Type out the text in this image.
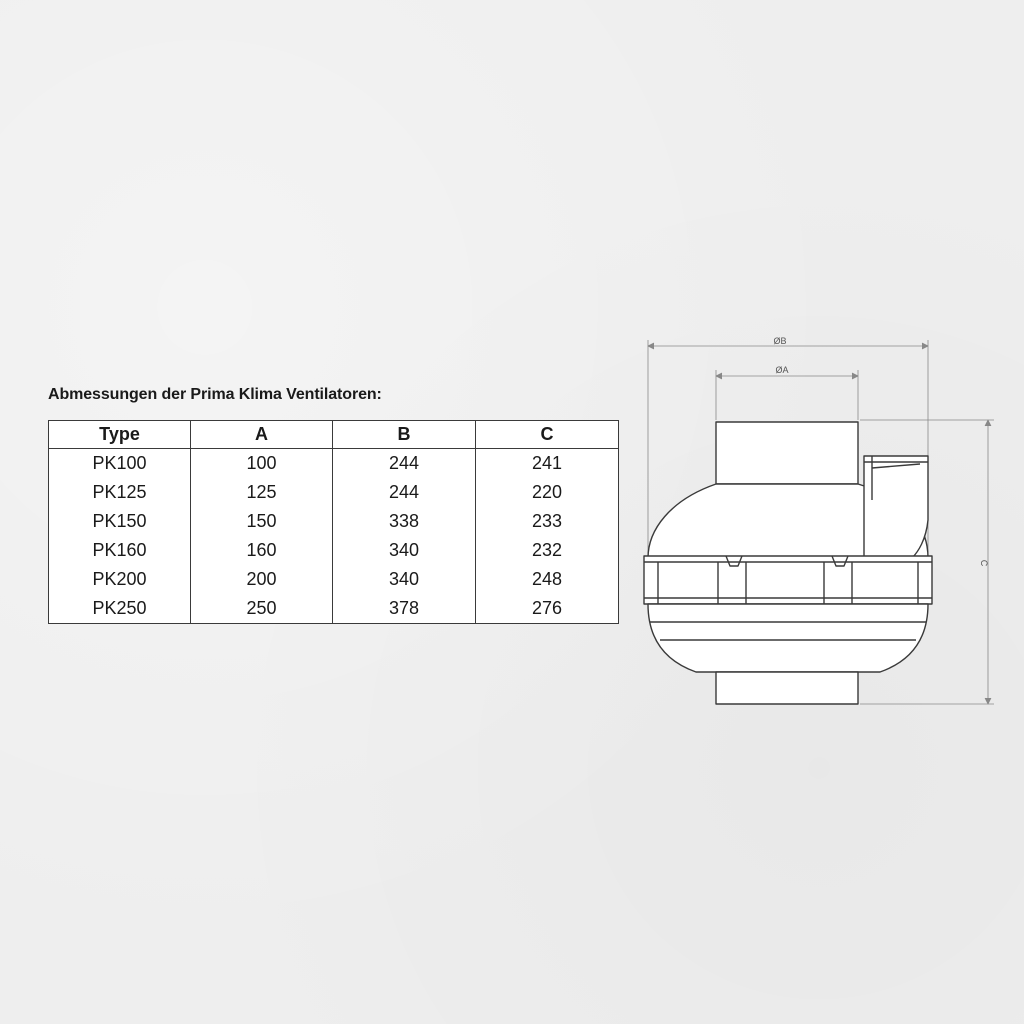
Abmessungen der Prima Klima Ventilatoren:
Type	A	B	C
PK100	100	244	241
PK125	125	244	220
PK150	150	338	233
PK160	160	340	232
PK200	200	340	248
PK250	250	378	276
ØB
ØA
C
